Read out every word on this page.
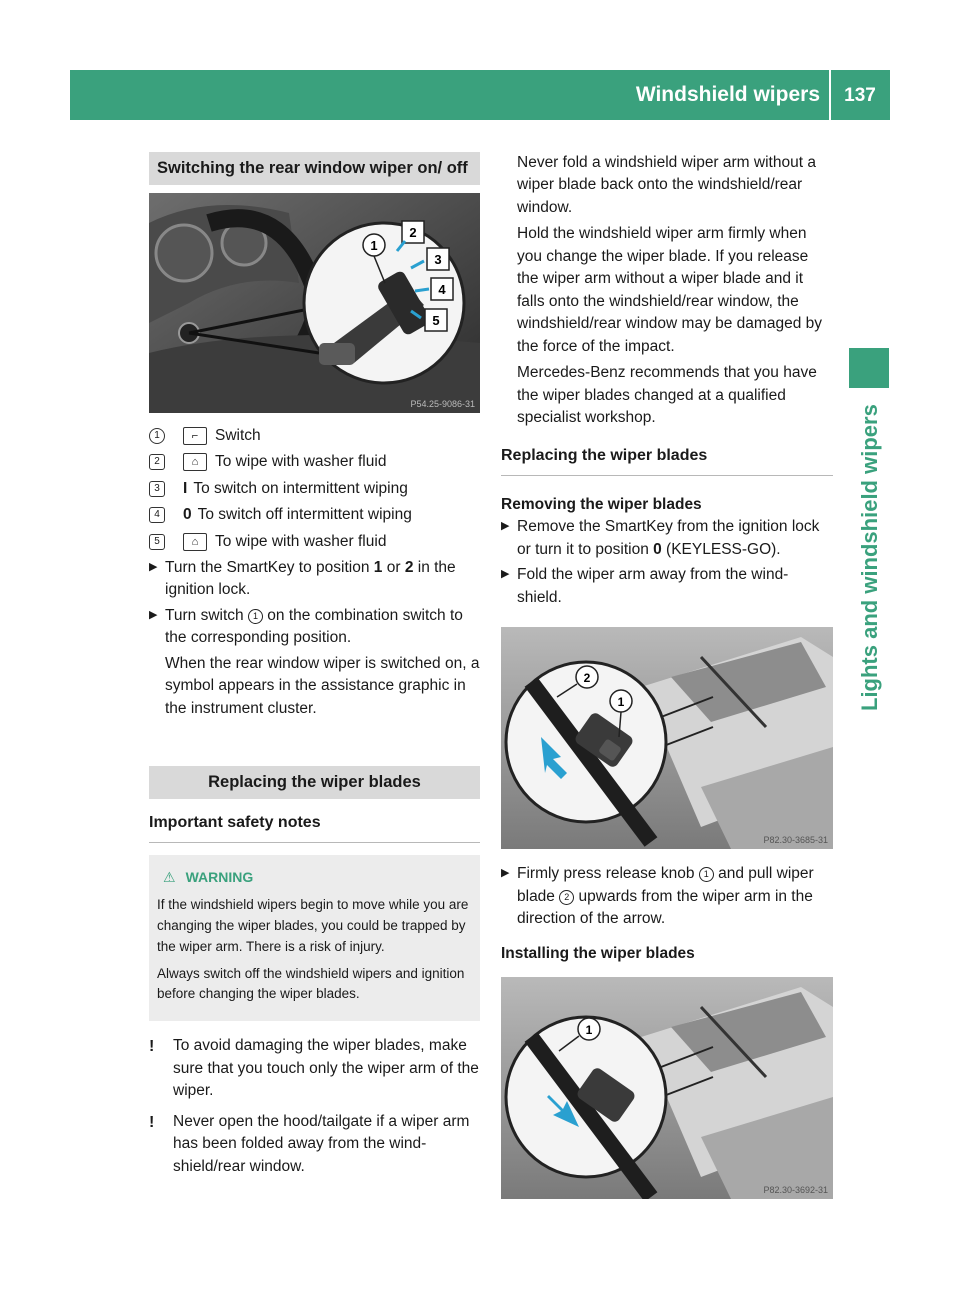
Windshield wipers	137
Lights and windshield wipers
Switching the rear window wiper on/ off
1
2
3
4
5
P54.25-9086-31
1	⌐	Switch
2	⌂	To wipe with washer fluid
3	I To switch on intermittent wiping
4	0 To switch off intermittent wiping
5	⌂	To wipe with washer fluid
▶ Turn the SmartKey to position 1 or 2 in the ignition lock.
▶ Turn switch 1 on the combination switch to the corresponding position.

When the rear window wiper is switched on, a symbol appears in the assistance graphic in the instrument cluster.

Replacing the wiper blades
Important safety notes
⚠ WARNING

If the windshield wipers begin to move while you are changing the wiper blades, you could be trapped by the wiper arm. There is a risk of injury.

Always switch off the windshield wipers and ignition before changing the wiper blades.

!	To avoid damaging the wiper blades, make sure that you touch only the wiper arm of the wiper.
!	Never open the hood/tailgate if a wiper arm has been folded away from the wind- shield/rear window.

Never fold a windshield wiper arm without a wiper blade back onto the windshield/rear window.

Hold the windshield wiper arm firmly when you change the wiper blade. If you release the wiper arm without a wiper blade and it falls onto the windshield/rear window, the windshield/rear window may be damaged by the force of the impact.

Mercedes-Benz recommends that you have the wiper blades changed at a qualified specialist workshop.

Replacing the wiper blades
Removing the wiper blades
▶ Remove the SmartKey from the ignition lock or turn it to position 0 (KEYLESS-GO).
▶ Fold the wiper arm away from the wind- shield.
2
1
P82.30-3685-31
▶ Firmly press release knob 1 and pull wiper blade 2 upwards from the wiper arm in the direction of the arrow.
Installing the wiper blades
1
P82.30-3692-31
